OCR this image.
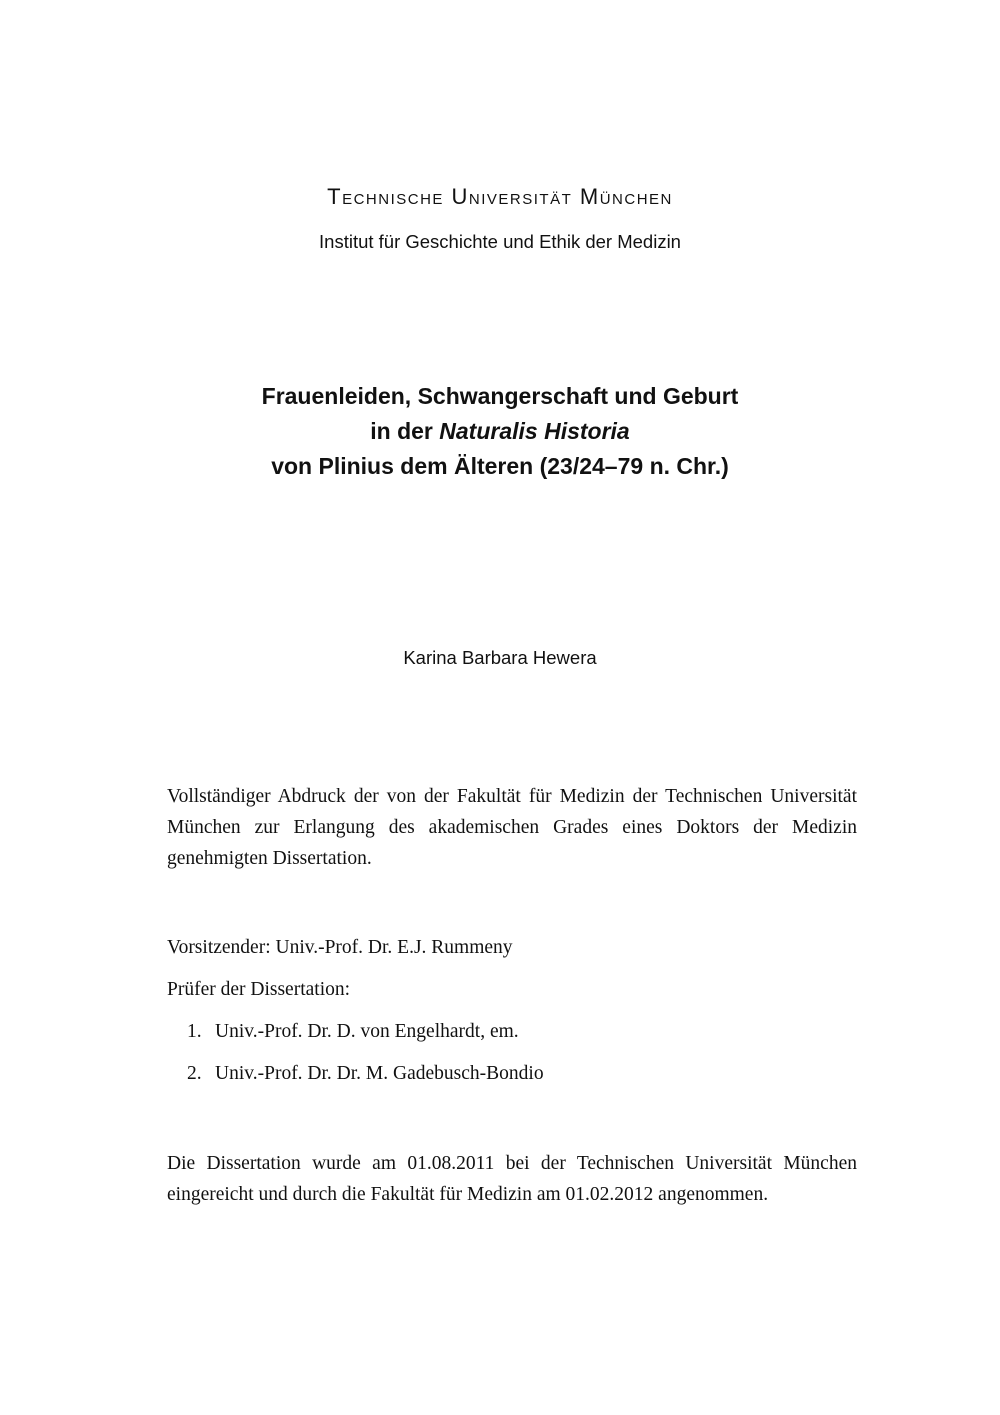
Technische Universität München
Institut für Geschichte und Ethik der Medizin
Frauenleiden, Schwangerschaft und Geburt
in der Naturalis Historia
von Plinius dem Älteren (23/24–79 n. Chr.)
Karina Barbara Hewera
Vollständiger Abdruck der von der Fakultät für Medizin der Technischen Universität München zur Erlangung des akademischen Grades eines Doktors der Medizin genehmigten Dissertation.
Vorsitzender: Univ.-Prof. Dr. E.J. Rummeny
Prüfer der Dissertation:
1. Univ.-Prof. Dr. D. von Engelhardt, em.
2. Univ.-Prof. Dr. Dr. M. Gadebusch-Bondio
Die Dissertation wurde am 01.08.2011 bei der Technischen Universität München eingereicht und durch die Fakultät für Medizin am 01.02.2012 angenommen.
